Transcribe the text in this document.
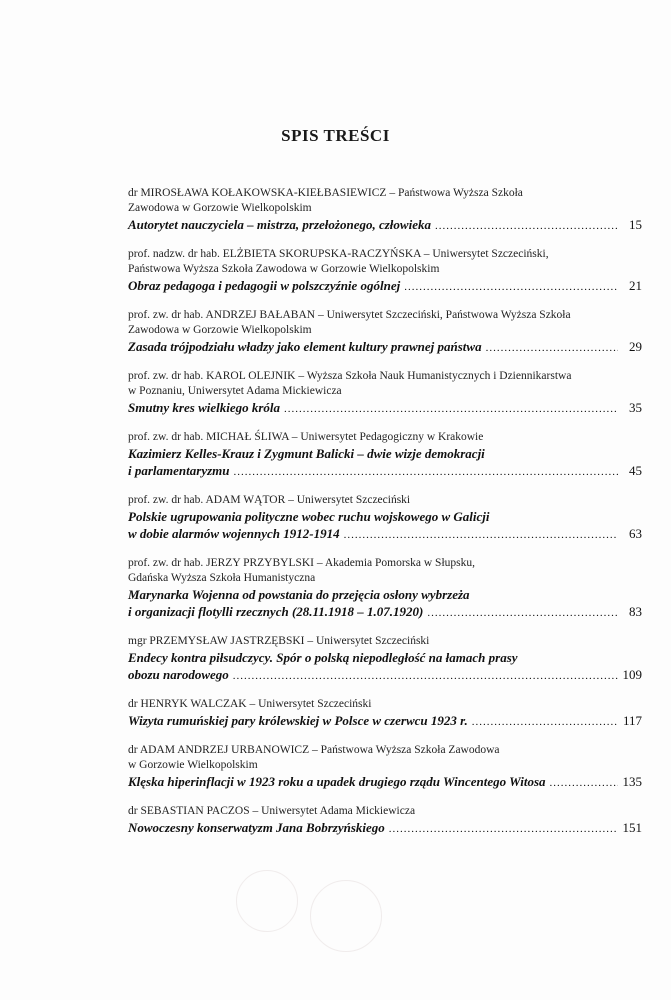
SPIS TREŚCI
dr MIROSŁAWA KOŁAKOWSKA-KIEŁBASIEWICZ – Państwowa Wyższa Szkoła
Zawodowa w Gorzowie Wielkopolskim
Autorytet nauczyciela – mistrza, przełożonego, człowieka .....	15
prof. nadzw. dr hab. ELŻBIETA SKORUPSKA-RACZYŃSKA – Uniwersytet Szczeciński,
Państwowa Wyższa Szkoła Zawodowa w Gorzowie Wielkopolskim
Obraz pedagoga i pedagogii w polszczyźnie ogólnej .....	21
prof. zw. dr hab. ANDRZEJ BAŁABAN – Uniwersytet Szczeciński, Państwowa Wyższa Szkoła
Zawodowa w Gorzowie Wielkopolskim
Zasada trójpodziału władzy jako element kultury prawnej państwa .....	29
prof. zw. dr hab. KAROL OLEJNIK – Wyższa Szkoła Nauk Humanistycznych i Dziennikarstwa
w Poznaniu, Uniwersytet Adama Mickiewicza
Smutny kres wielkiego króla .....	35
prof. zw. dr hab. MICHAŁ ŚLIWA – Uniwersytet Pedagogiczny w Krakowie
Kazimierz Kelles-Krauz i Zygmunt Balicki – dwie wizje demokracji
i parlamentaryzmu .....	45
prof. zw. dr hab. ADAM WĄTOR – Uniwersytet Szczeciński
Polskie ugrupowania polityczne wobec ruchu wojskowego w Galicji
w dobie alarmów wojennych 1912-1914 .....	63
prof. zw. dr hab. JERZY PRZYBYLSKI – Akademia Pomorska w Słupsku,
Gdańska Wyższa Szkoła Humanistyczna
Marynarka Wojenna od powstania do przejęcia osłony wybrzeża
i organizacji flotylli rzecznych (28.11.1918 – 1.07.1920) .....	83
mgr PRZEMYSŁAW JASTRZĘBSKI – Uniwersytet Szczeciński
Endecy kontra piłsudczycy. Spór o polską niepodległość na łamach prasy
obozu narodowego .....	109
dr HENRYK WALCZAK – Uniwersytet Szczeciński
Wizyta rumuńskiej pary królewskiej w Polsce w czerwcu 1923 r. .....	117
dr ADAM ANDRZEJ URBANOWICZ – Państwowa Wyższa Szkoła Zawodowa
w Gorzowie Wielkopolskim
Klęska hiperinflacji w 1923 roku a upadek drugiego rządu Wincentego Witosa .....	135
dr SEBASTIAN PACZOS – Uniwersytet Adama Mickiewicza
Nowoczesny konserwatyzm Jana Bobrzyńskiego .....	151
